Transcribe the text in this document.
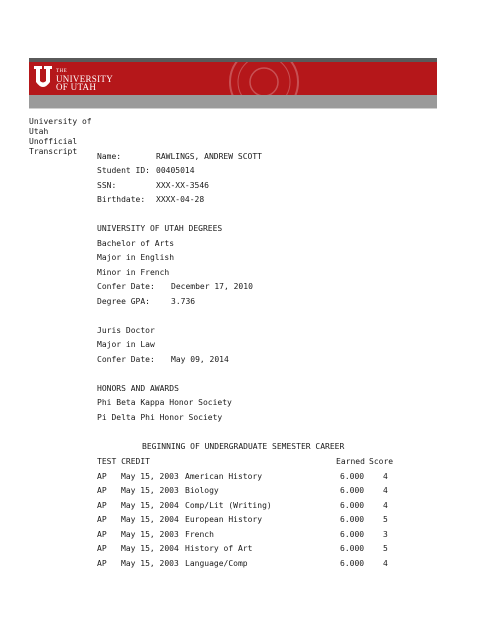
THE
UNIVERSITY
OF UTAH
University of
Utah
Unofficial
Transcript
Name:	RAWLINGS, ANDREW SCOTT
Student ID: 00405014
SSN:	XXX-XX-3546
Birthdate: XXXX-04-28
UNIVERSITY OF UTAH DEGREES
Bachelor of Arts
Major in English
Minor in French
Confer Date: December 17, 2010
Degree GPA:	3.736
Juris Doctor
Major in Law
Confer Date: May 09, 2014
HONORS AND AWARDS
Phi Beta Kappa Honor Society
Pi Delta Phi Honor Society
BEGINNING OF UNDERGRADUATE SEMESTER CAREER
TEST CREDIT	Earned Score
AP May 15, 2003 American History	6.000 4
AP May 15, 2003 Biology	6.000 4
AP May 15, 2004 Comp/Lit (Writing)	6.000 4
AP May 15, 2004 European History	6.000 5
AP May 15, 2003 French	6.000 3
AP May 15, 2004 History of Art	6.000 5
AP May 15, 2003 Language/Comp	6.000 4
